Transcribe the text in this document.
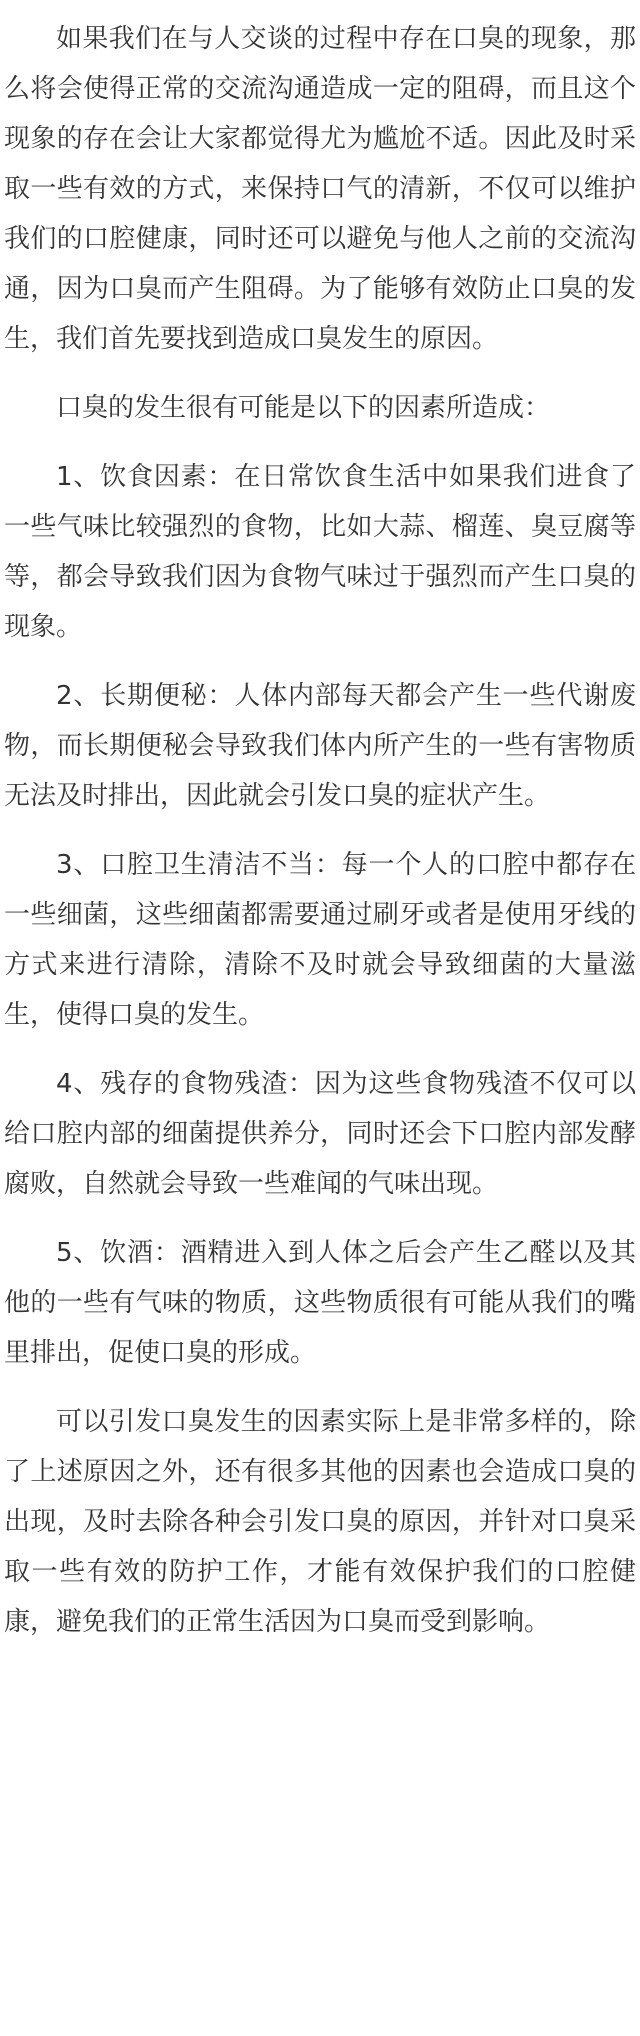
如果我们在与人交谈的过程中存在口臭的现象，那么将会使得正常的交流沟通造成一定的阻碍，而且这个现象的存在会让大家都觉得尤为尴尬不适。因此及时采取一些有效的方式，来保持口气的清新，不仅可以维护我们的口腔健康，同时还可以避免与他人之前的交流沟通，因为口臭而产生阻碍。为了能够有效防止口臭的发生，我们首先要找到造成口臭发生的原因。

口臭的发生很有可能是以下的因素所造成：

1、饮食因素：在日常饮食生活中如果我们进食了一些气味比较强烈的食物，比如大蒜、榴莲、臭豆腐等等，都会导致我们因为食物气味过于强烈而产生口臭的现象。

2、长期便秘：人体内部每天都会产生一些代谢废物，而长期便秘会导致我们体内所产生的一些有害物质无法及时排出，因此就会引发口臭的症状产生。

3、口腔卫生清洁不当：每一个人的口腔中都存在一些细菌，这些细菌都需要通过刷牙或者是使用牙线的方式来进行清除，清除不及时就会导致细菌的大量滋生，使得口臭的发生。

4、残存的食物残渣：因为这些食物残渣不仅可以给口腔内部的细菌提供养分，同时还会下口腔内部发酵腐败，自然就会导致一些难闻的气味出现。

5、饮酒：酒精进入到人体之后会产生乙醛以及其他的一些有气味的物质，这些物质很有可能从我们的嘴里排出，促使口臭的形成。

可以引发口臭发生的因素实际上是非常多样的，除了上述原因之外，还有很多其他的因素也会造成口臭的出现，及时去除各种会引发口臭的原因，并针对口臭采取一些有效的防护工作，才能有效保护我们的口腔健康，避免我们的正常生活因为口臭而受到影响。
